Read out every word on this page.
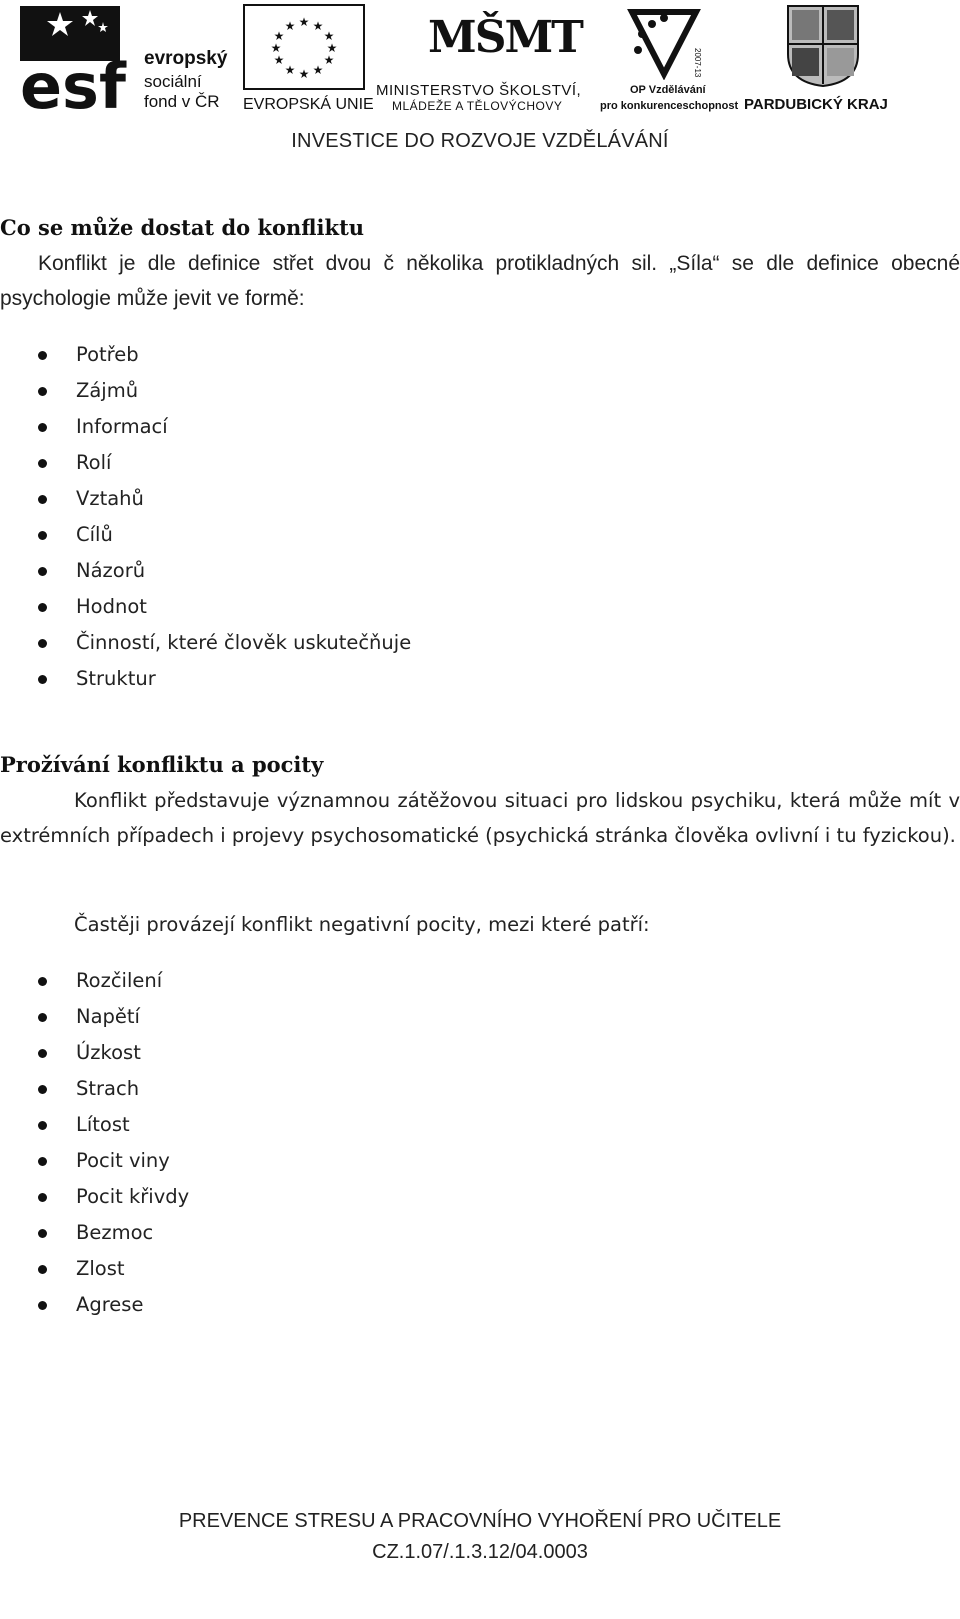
esf evropský
sociální
fond v ČR
★ ★
★
★
★
★
★
★
★
★
★
★
EVROPSKÁ UNIE
MŠMT
MINISTERSTVO ŠKOLSTVÍ,
MLÁDEŽE A TĚLOVÝCHOVY
2007-13
OP Vzdělávání
pro konkurenceschopnost PARDUBICKÝ KRAJ
INVESTICE DO ROZVOJE VZDĚLÁVÁNÍ
Co se může dostat do konfliktu
Konflikt je dle definice střet dvou č několika protikladných sil. „Síla“ se dle definice obecné psychologie může jevit ve formě:
Potřeb
Zájmů
Informací
Rolí
Vztahů
Cílů
Názorů
Hodnot
Činností, které člověk uskutečňuje
Struktur
Prožívání konfliktu a pocity
Konflikt představuje významnou zátěžovou situaci pro lidskou psychiku, která může mít v extrémních případech i projevy psychosomatické (psychická stránka člověka ovlivní i tu fyzickou).
Častěji provázejí konflikt negativní pocity, mezi které patří:
Rozčilení
Napětí
Úzkost
Strach
Lítost
Pocit viny
Pocit křivdy
Bezmoc
Zlost
Agrese
PREVENCE STRESU A PRACOVNÍHO VYHOŘENÍ PRO UČITELE
CZ.1.07/.1.3.12/04.0003
